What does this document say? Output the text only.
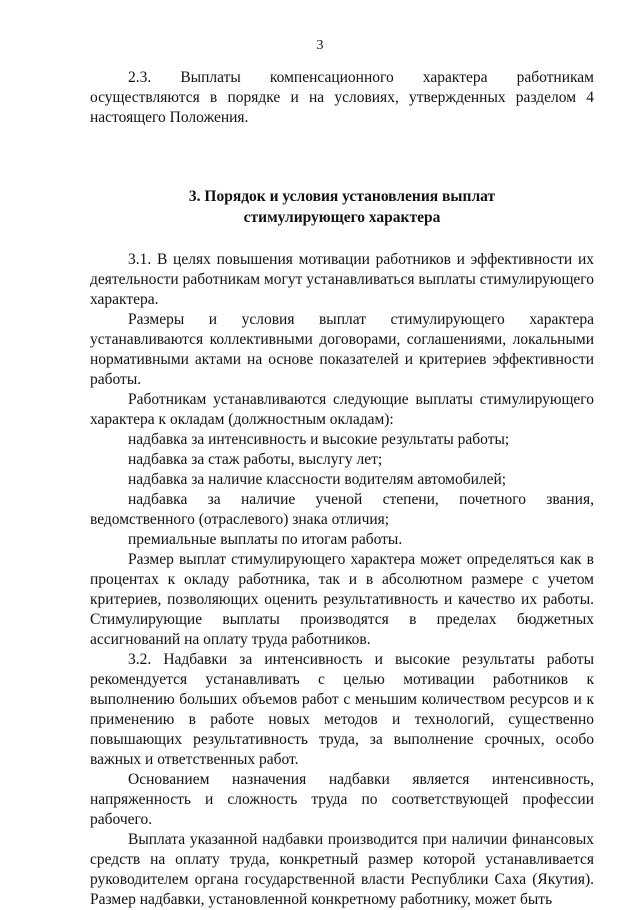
3

2.3. Выплаты компенсационного характера работникам осуществляются в порядке и на условиях, утвержденных разделом 4 настоящего Положения.

3. Порядок и условия установления выплат
стимулирующего характера

3.1. В целях повышения мотивации работников и эффективности их деятельности работникам могут устанавливаться выплаты стимулирующего характера.

Размеры и условия выплат стимулирующего характера устанавливаются коллективными договорами, соглашениями, локальными нормативными актами на основе показателей и критериев эффективности работы.

Работникам устанавливаются следующие выплаты стимулирующего характера к окладам (должностным окладам):

надбавка за интенсивность и высокие результаты работы;

надбавка за стаж работы, выслугу лет;

надбавка за наличие классности водителям автомобилей;

надбавка за наличие ученой степени, почетного звания, ведомственного (отраслевого) знака отличия;

премиальные выплаты по итогам работы.

Размер выплат стимулирующего характера может определяться как в процентах к окладу работника, так и в абсолютном размере с учетом критериев, позволяющих оценить результативность и качество их работы. Стимулирующие выплаты производятся в пределах бюджетных ассигнований на оплату труда работников.

3.2. Надбавки за интенсивность и высокие результаты работы рекомендуется устанавливать с целью мотивации работников к выполнению больших объемов работ с меньшим количеством ресурсов и к применению в работе новых методов и технологий, существенно повышающих результативность труда, за выполнение срочных, особо важных и ответственных работ.

Основанием назначения надбавки является интенсивность, напряженность и сложность труда по соответствующей профессии рабочего.

Выплата указанной надбавки производится при наличии финансовых средств на оплату труда, конкретный размер которой устанавливается руководителем органа государственной власти Республики Саха (Якутия). Размер надбавки, установленной конкретному работнику, может быть
